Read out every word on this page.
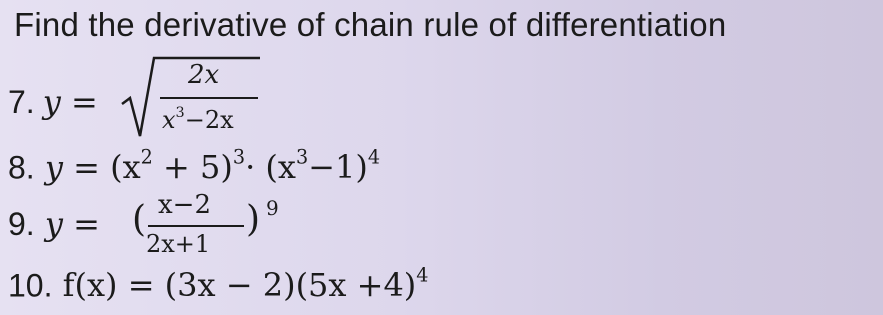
Find the derivative of chain rule of differentiation
7. y =
2x
$x^3-2x$
8. $y = (x^2 + 5)^3\cdot (x^3-1)^4$
9. y = ( x−2
2x+1
) 9
10. $f(x) = (3x - 2)(5x +4)^4$
